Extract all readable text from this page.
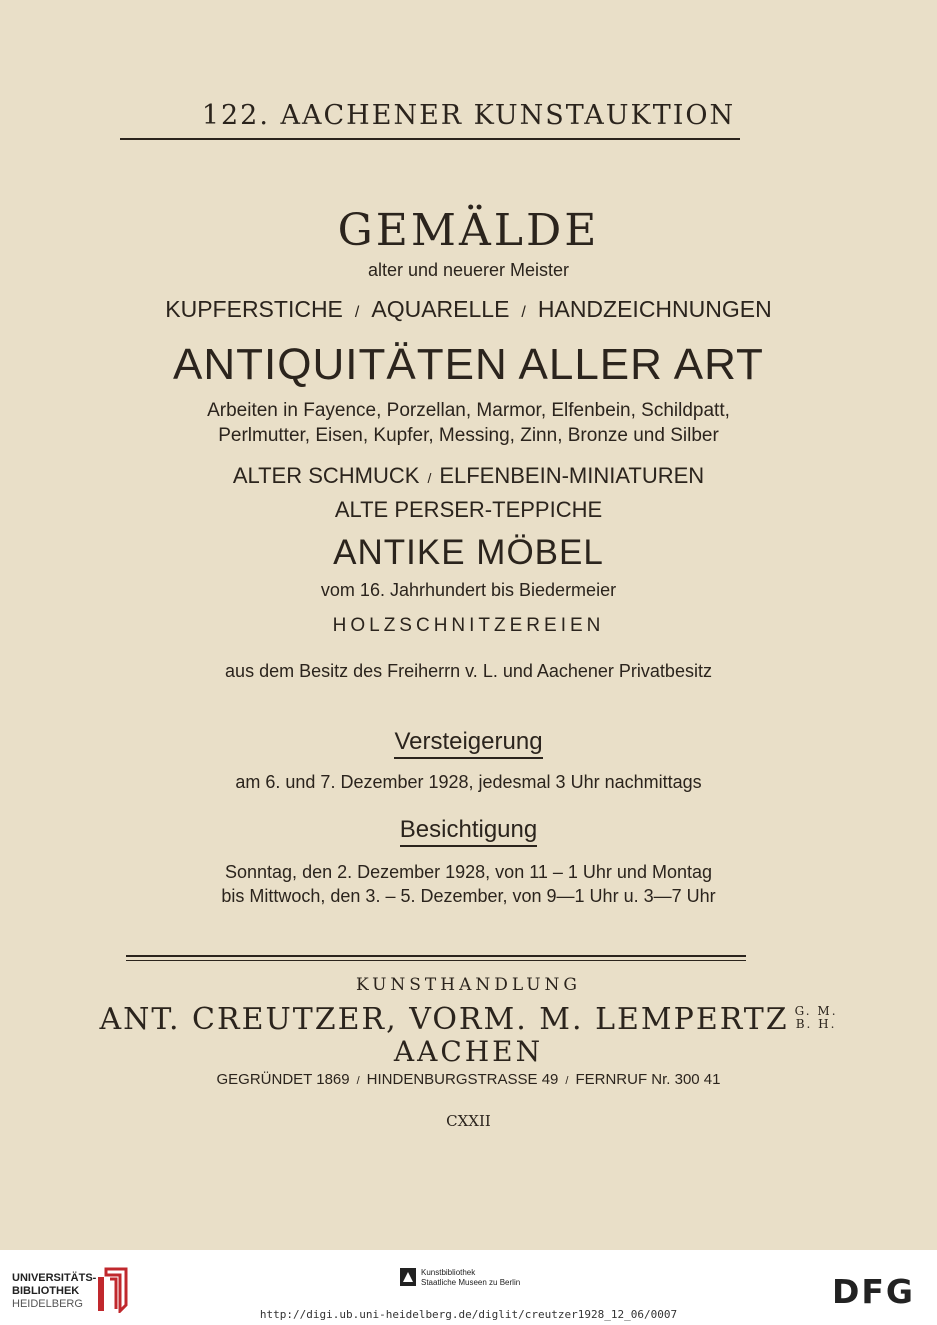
122. AACHENER KUNSTAUKTION
GEMÄLDE
alter und neuerer Meister
KUPFERSTICHE / AQUARELLE / HANDZEICHNUNGEN
ANTIQUITÄTEN ALLER ART
Arbeiten in Fayence, Porzellan, Marmor, Elfenbein, Schildpatt,
Perlmutter, Eisen, Kupfer, Messing, Zinn, Bronze und Silber
ALTER SCHMUCK / ELFENBEIN-MINIATUREN
ALTE PERSER-TEPPICHE
ANTIKE MÖBEL
vom 16. Jahrhundert bis Biedermeier
HOLZSCHNITZEREIEN
aus dem Besitz des Freiherrn v. L. und Aachener Privatbesitz
Versteigerung
am 6. und 7. Dezember 1928, jedesmal 3 Uhr nachmittags
Besichtigung
Sonntag, den 2. Dezember 1928, von 11 – 1 Uhr und Montag
bis Mittwoch, den 3. – 5. Dezember, von 9—1 Uhr u. 3—7 Uhr
KUNSTHANDLUNG
ANT. CREUTZER, VORM. M. LEMPERTZ G. M.
B. H.
AACHEN
GEGRÜNDET 1869 / HINDENBURGSTRASSE 49 / FERNRUF Nr. 300 41
CXXII
UNIVERSITÄTS-
BIBLIOTHEK
HEIDELBERG
Kunstbibliothek
Staatliche Museen zu Berlin	DFG
http://digi.ub.uni-heidelberg.de/diglit/creutzer1928_12_06/0007
